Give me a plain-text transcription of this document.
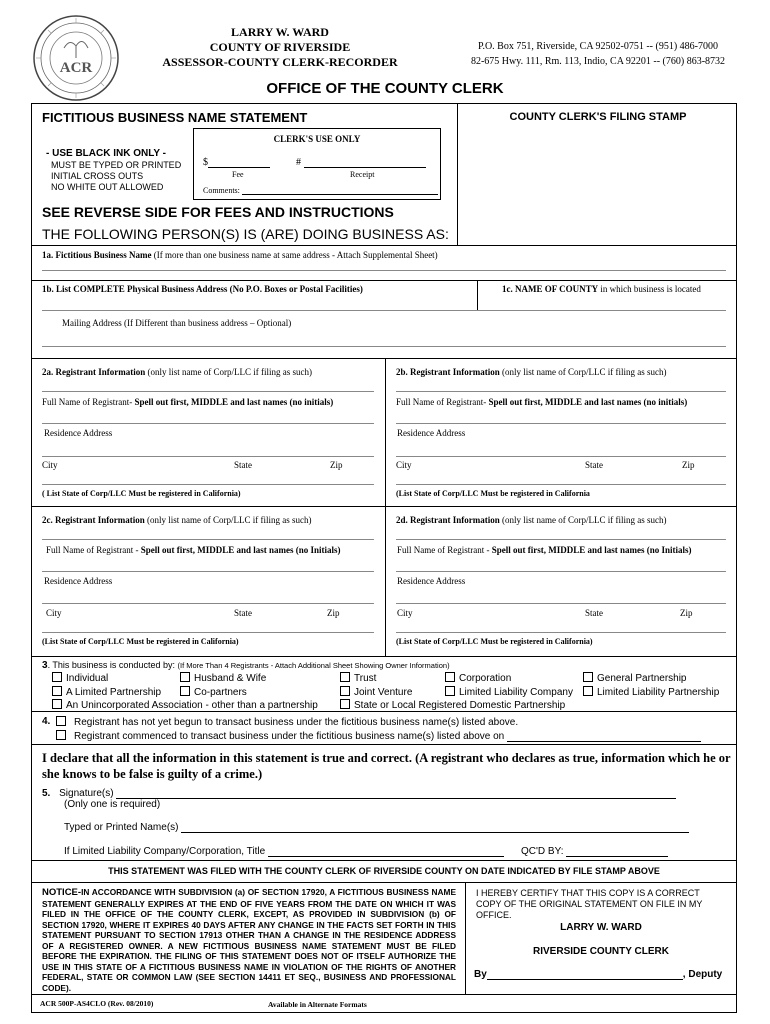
ACR
LARRY W. WARD
COUNTY OF RIVERSIDE
ASSESSOR-COUNTY CLERK-RECORDER
P.O. Box 751, Riverside, CA 92502-0751 -- (951) 486-7000
82-675 Hwy. 111, Rm. 113, Indio, CA 92201 -- (760) 863-8732
OFFICE OF THE COUNTY CLERK
FICTITIOUS BUSINESS NAME STATEMENT	COUNTY CLERK'S FILING STAMP
CLERK'S USE ONLY
$	#
Fee	Receipt
Comments:
- USE BLACK INK ONLY -
MUST BE TYPED OR PRINTED
INITIAL CROSS OUTS
NO WHITE OUT ALLOWED
SEE REVERSE SIDE FOR FEES AND INSTRUCTIONS
THE FOLLOWING PERSON(S) IS (ARE) DOING BUSINESS AS:
1a. Fictitious Business Name (If more than one business name at same address - Attach Supplemental Sheet)
1b. List COMPLETE Physical Business Address (No P.O. Boxes or Postal Facilities)	1c. NAME OF COUNTY in which business is located
Mailing Address (If Different than business address – Optional)
2a. Registrant Information (only list name of Corp/LLC if filing as such)
Full Name of Registrant- Spell out first, MIDDLE and last names (no initials)
Residence Address
City	State	Zip
( List State of Corp/LLC Must be registered in California)
2b. Registrant Information (only list name of Corp/LLC if filing as such)
Full Name of Registrant- Spell out first, MIDDLE and last names (no initials)
Residence Address
City	State	Zip
(List State of Corp/LLC Must be registered in California
2c. Registrant Information (only list name of Corp/LLC if filing as such)
Full Name of Registrant - Spell out first, MIDDLE and last names (no Initials)
Residence Address
City	State	Zip
(List State of Corp/LLC Must be registered in California)
2d. Registrant Information (only list name of Corp/LLC if filing as such)
Full Name of Registrant - Spell out first, MIDDLE and last names (no Initials)
Residence Address
City	State	Zip
(List State of Corp/LLC Must be registered in California)
3. This business is conducted by: (If More Than 4 Registrants - Attach Additional Sheet Showing Owner Information)
Individual	Husband & Wife	Trust	Corporation	General Partnership
A Limited Partnership	Co-partners	Joint Venture	Limited Liability Company	Limited Liability Partnership
An Unincorporated Association - other than a partnership	State or Local Registered Domestic Partnership
4.	Registrant has not yet begun to transact business under the fictitious business name(s) listed above.
Registrant commenced to transact business under the fictitious business name(s) listed above on
I declare that all the information in this statement is true and correct. (A registrant who declares as true, information which he or she knows to be false is guilty of a crime.)
5. Signature(s)
(Only one is required)
Typed or Printed Name(s)
If Limited Liability Company/Corporation, Title	QC'D BY:
THIS STATEMENT WAS FILED WITH THE COUNTY CLERK OF RIVERSIDE COUNTY ON DATE INDICATED BY FILE STAMP ABOVE
NOTICE-IN ACCORDANCE WITH SUBDIVISION (a) OF SECTION 17920, A FICTITIOUS BUSINESS NAME STATEMENT GENERALLY EXPIRES AT THE END OF FIVE YEARS FROM THE DATE ON WHICH IT WAS FILED IN THE OFFICE OF THE COUNTY CLERK, EXCEPT, AS PROVIDED IN SUBDIVISION (b) OF SECTION 17920, WHERE IT EXPIRES 40 DAYS AFTER ANY CHANGE IN THE FACTS SET FORTH IN THIS STATEMENT PURSUANT TO SECTION 17913 OTHER THAN A CHANGE IN THE RESIDENCE ADDRESS OF A REGISTERED OWNER. A NEW FICTITIOUS BUSINESS NAME STATEMENT MUST BE FILED BEFORE THE EXPIRATION. THE FILING OF THIS STATEMENT DOES NOT OF ITSELF AUTHORIZE THE USE IN THIS STATE OF A FICTITIOUS BUSINESS NAME IN VIOLATION OF THE RIGHTS OF ANOTHER FEDERAL, STATE OR COMMON LAW (SEE SECTION 14411 ET SEQ., BUSINESS AND PROFESSIONAL CODE).
I HEREBY CERTIFY THAT THIS COPY IS A CORRECT COPY OF THE ORIGINAL STATEMENT ON FILE IN MY OFFICE.
LARRY W. WARD
RIVERSIDE COUNTY CLERK
By	, Deputy
ACR 500P-AS4CLO (Rev. 08/2010)	Available in Alternate Formats
